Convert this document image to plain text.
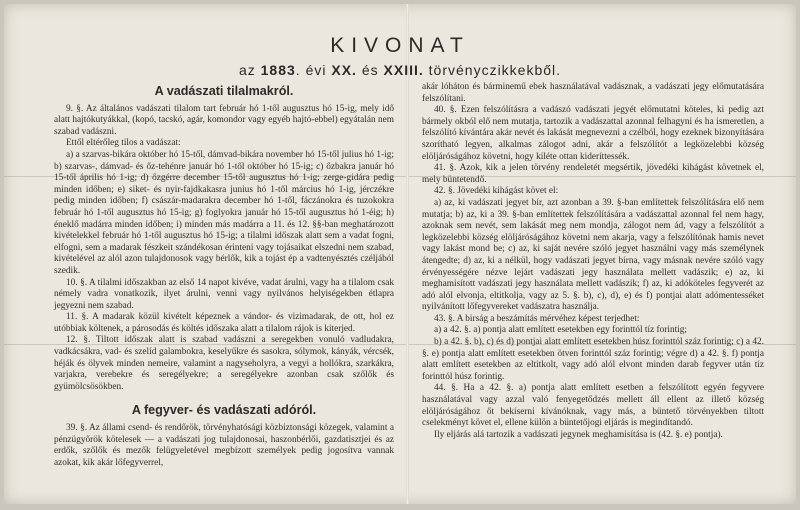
KIVONAT
az 1883. évi XX. és XXIII. törvényczikkekből.
A vadászati tilalmakról.

9. §. Az általános vadászati tilalom tart február hó 1-től augusztus hó 15-ig, mely idő alatt hajtókutyákkal, (kopó, tacskó, agár, komondor vagy egyéb hajtó-ebbel) egyátalán nem szabad vadászni.

Ettől eltérőleg tilos a vadászat:

a) a szarvas-bikára október hó 15-től, dámvad-bikára november hó 15-től julius hó 1-ig; b) szarvas-, dámvad- és őz-tehénre január hó 1-től október hó 15-ig; c) őzbakra január hó 15-től április hó 1-ig; d) őzgérre december 15-től augusztus hó 1-ig; zerge-gidára pedig minden időben; e) siket- és nyir-fajdkakasra junius hó 1-től március hó 1-ig, jérczékre pedig minden időben; f) császár-madarakra december hó 1-től, fáczánokra és tuzokokra február hó 1-től augusztus hó 15-ig; g) foglyokra január hó 15-től augusztus hó 1-éig; h) éneklő madárra minden időben; i) minden más madárra a 11. és 12. §§-ban meghatározott kivételekkel február hó 1-től augusztus hó 15-ig; a tilalmi időszak alatt sem a vadat fogni, elfogni, sem a madarak fészkeit szándékosan érinteni vagy tojásaikat elszedni nem szabad, kivételével az alól azon tulajdonosok vagy bérlők, kik a tojást ép a vadtenyésztés czéljából szedik.

10. §. A tilalmi időszakban az első 14 napot kivéve, vadat árulni, vagy ha a tilalom csak némely vadra vonatkozik, ilyet árulni, venni vagy nyilvános helyiségekben étlapra jegyezni nem szabad.

11. §. A madarak közül kivételt képeznek a vándor- és vizimadarak, de ott, hol ez utóbbiak költenek, a párosodás és költés időszaka alatt a tilalom rájok is kiterjed.

12. §. Tiltott időszak alatt is szabad vadászni a seregekben vonuló vadludakra, vadkácsákra, vad- és szelíd galambokra, keselyűkre és sasokra, sólymok, kányák, vércsék, héják és ölyvek minden nemeire, valamint a nagyseholyra, a vegyi a hollókra, szarkákra, varjakra, verebekre és seregélyekre; a seregélyekre azonban csak szőlők és gyümölcsösökben.

A fegyver- és vadászati adóról.

39. §. Az állami csend- és rendőrök, törvényhatósági közbiztonsági közegek, valamint a pénzügyőrök kötelesek — a vadászati jog tulajdonosai, haszonbérlői, gazdatisztjei és az erdők, szőlők és mezők felügyeletével megbízott személyek pedig jogosítva vannak azokat, kik akár lőfegyverrel,

akár lóháton és bárminemű ebek használatával vadásznak, a vadászati jegy előmutatására felszólítani.

40. §. Ezen felszólításra a vadászó vadászati jegyét előmutatni köteles, ki pedig azt bármely okból elő nem mutatja, tartozik a vadászattal azonnal felhagyni és ha ismeretlen, a felszólító kívántára akár nevét és lakását megnevezni a czélból, hogy ezeknek bizonyítására szorítható legyen, alkalmas zálogot adni, akár a felszólítót a legközelebbi község elöljáróságához követni, hogy kiléte ottan kideríttessék.

41. §. Azok, kik a jelen törvény rendeletét megsértik, jövedéki kihágást követnek el, mely büntetendő.

42. §. Jövedéki kihágást követ el:

a) az, ki vadászati jegyet bír, azt azonban a 39. §-ban említettek felszólítására elő nem mutatja; b) az, ki a 39. §-ban említettek felszólítására a vadászattal azonnal fel nem hagy, azoknak sem nevét, sem lakását meg nem mondja, zálogot nem ád, vagy a felszólítót a legközelebbi község elöljáróságához követni nem akarja, vagy a felszólítónak hamis nevet vagy lakást mond be; c) az, ki saját nevére szóló jegyet használni vagy más személynek átengedte; d) az, ki a nélkül, hogy vadászati jegyet bírna, vagy másnak nevére szóló vagy érvényességére nézve lejárt vadászati jegy használata mellett vadászik; e) az, ki meghamisított vadászati jegy használata mellett vadászik; f) az, ki adóköteles fegyverét az adó alól elvonja, eltitkolja, vagy az 5. §. b), c), d), e) és f) pontjai alatt adómentesséket nyilvánított lőfegyvereket vadászatra használja.

43. §. A birság a beszámítás mérvéhez képest terjedhet:

a) a 42. §. a) pontja alatt említett esetekben egy forinttól tíz forintig;

b) a 42. §. b), c) és d) pontjai alatt említett esetekben húsz forinttól száz forintig; c) a 42. §. e) pontja alatt említett esetekben ötven forinttól száz forintig; végre d) a 42. §. f) pontja alatt említett esetekben az eltitkolt, vagy adó alól elvont minden darab fegyver után tíz forinttól húsz forintig.

44. §. Ha a 42. §. a) pontja alatt említett esetben a felszólított egyén fegyvere használatával vagy azzal való fenyegetődzés mellett áll ellent az illető község elöljáróságához őt bekíserni kívánóknak, vagy más, a büntető törvényekben tiltott cselekményt követ el, ellene külön a büntetőjogi eljárás is megindítandó.

Ily eljárás alá tartozik a vadászati jegynek meghamisítása is (42. §. e) pontja).
